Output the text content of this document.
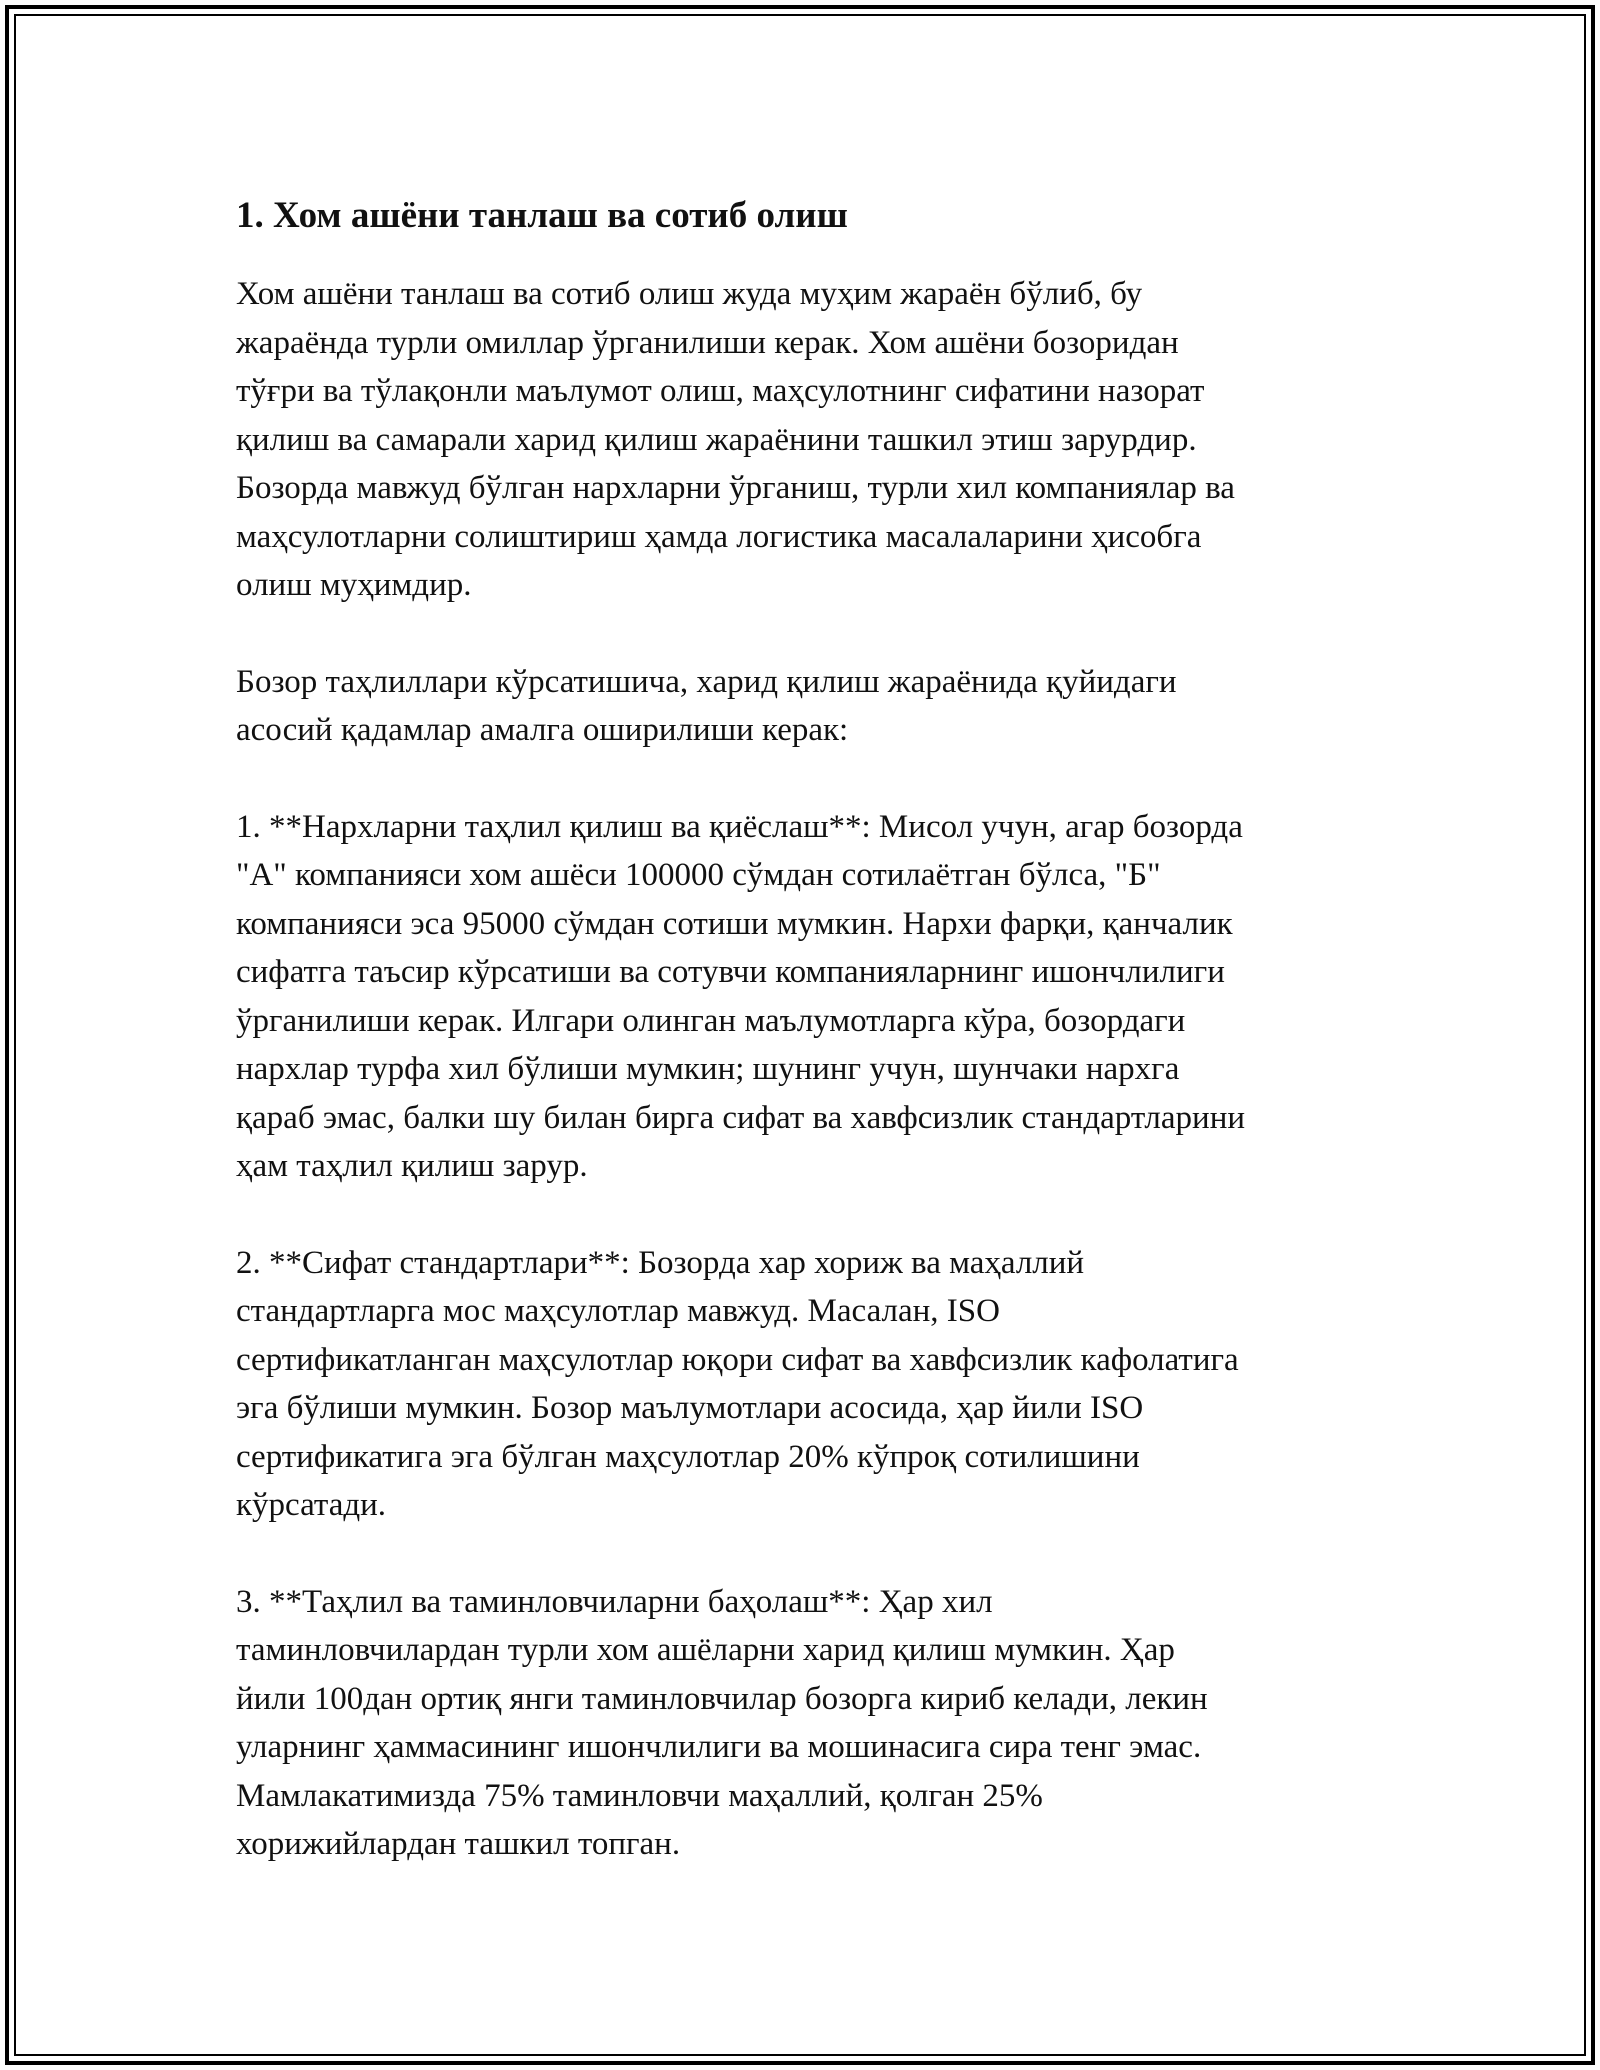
1. Хом ашёни танлаш ва сотиб олиш

Хом ашёни танлаш ва сотиб олиш жуда муҳим жараён бўлиб, бу
жараёнда турли омиллар ўрганилиши керак. Хом ашёни бозоридан
тўғри ва тўлақонли маълумот олиш, маҳсулотнинг сифатини назорат
қилиш ва самарали харид қилиш жараёнини ташкил этиш зарурдир.
Бозорда мавжуд бўлган нархларни ўрганиш, турли хил компаниялар ва
маҳсулотларни солиштириш ҳамда логистика масалаларини ҳисобга
олиш муҳимдир.

Бозор таҳлиллари кўрсатишича, харид қилиш жараёнида қуйидаги
асосий қадамлар амалга оширилиши керак:

1. **Нархларни таҳлил қилиш ва қиёслаш**: Мисол учун, агар бозорда
"А" компанияси хом ашёси 100000 сўмдан сотилаётган бўлса, "Б"
компанияси эса 95000 сўмдан сотиши мумкин. Нархи фарқи, қанчалик
сифатга таъсир кўрсатиши ва сотувчи компанияларнинг ишончлилиги
ўрганилиши керак. Илгари олинган маълумотларга кўра, бозордаги
нархлар турфа хил бўлиши мумкин; шунинг учун, шунчаки нархга
қараб эмас, балки шу билан бирга сифат ва хавфсизлик стандартларини
ҳам таҳлил қилиш зарур.

2. **Сифат стандартлари**: Бозорда хар хориж ва маҳаллий
стандартларга мос маҳсулотлар мавжуд. Масалан, ISO
сертификатланган маҳсулотлар юқори сифат ва хавфсизлик кафолатига
эга бўлиши мумкин. Бозор маълумотлари асосида, ҳар йили ISO
сертификатига эга бўлган маҳсулотлар 20% кўпроқ сотилишини
кўрсатади.

3. **Таҳлил ва таминловчиларни баҳолаш**: Ҳар хил
таминловчилардан турли хом ашёларни харид қилиш мумкин. Ҳар
йили 100дан ортиқ янги таминловчилар бозорга кириб келади, лекин
уларнинг ҳаммасининг ишончлилиги ва мошинасига сира тенг эмас.
Мамлакатимизда 75% таминловчи маҳаллий, қолган 25%
хорижийлардан ташкил топган.
